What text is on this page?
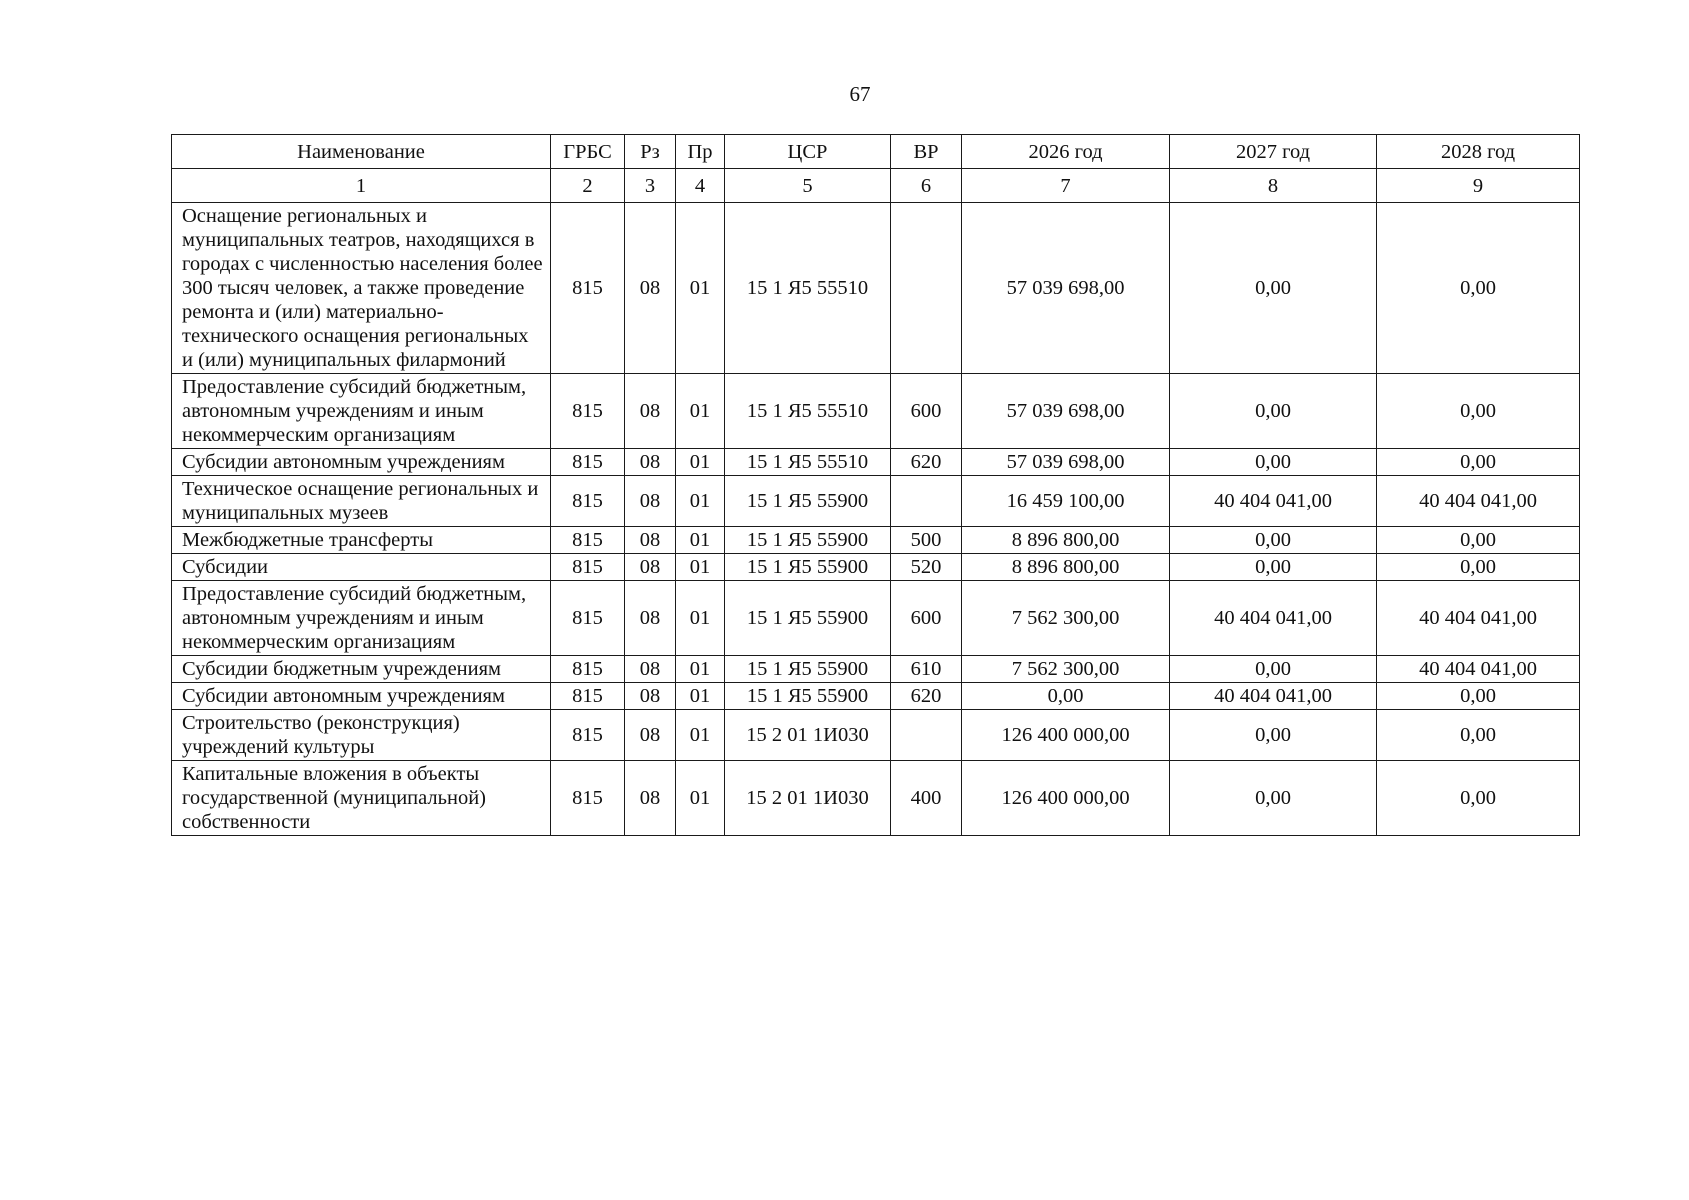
67
Наименование	ГРБС	Рз	Пр	ЦСР	ВР	2026 год	2027 год	2028 год
1	2	3	4	5	6	7	8	9
Оснащение региональных и муниципальных театров, находящихся в городах с численностью населения более 300 тысяч человек, а также проведение ремонта и (или) материально-технического оснащения региональных и (или) муниципальных филармоний	815	08	01	15 1 Я5 55510		57 039 698,00	0,00	0,00
Предоставление субсидий бюджетным, автономным учреждениям и иным некоммерческим организациям	815	08	01	15 1 Я5 55510	600	57 039 698,00	0,00	0,00
Субсидии автономным учреждениям	815	08	01	15 1 Я5 55510	620	57 039 698,00	0,00	0,00
Техническое оснащение региональных и муниципальных музеев	815	08	01	15 1 Я5 55900		16 459 100,00	40 404 041,00	40 404 041,00
Межбюджетные трансферты	815	08	01	15 1 Я5 55900	500	8 896 800,00	0,00	0,00
Субсидии	815	08	01	15 1 Я5 55900	520	8 896 800,00	0,00	0,00
Предоставление субсидий бюджетным, автономным учреждениям и иным некоммерческим организациям	815	08	01	15 1 Я5 55900	600	7 562 300,00	40 404 041,00	40 404 041,00
Субсидии бюджетным учреждениям	815	08	01	15 1 Я5 55900	610	7 562 300,00	0,00	40 404 041,00
Субсидии автономным учреждениям	815	08	01	15 1 Я5 55900	620	0,00	40 404 041,00	0,00
Строительство (реконструкция) учреждений культуры	815	08	01	15 2 01 1И030		126 400 000,00	0,00	0,00
Капитальные вложения в объекты государственной (муниципальной) собственности	815	08	01	15 2 01 1И030	400	126 400 000,00	0,00	0,00
